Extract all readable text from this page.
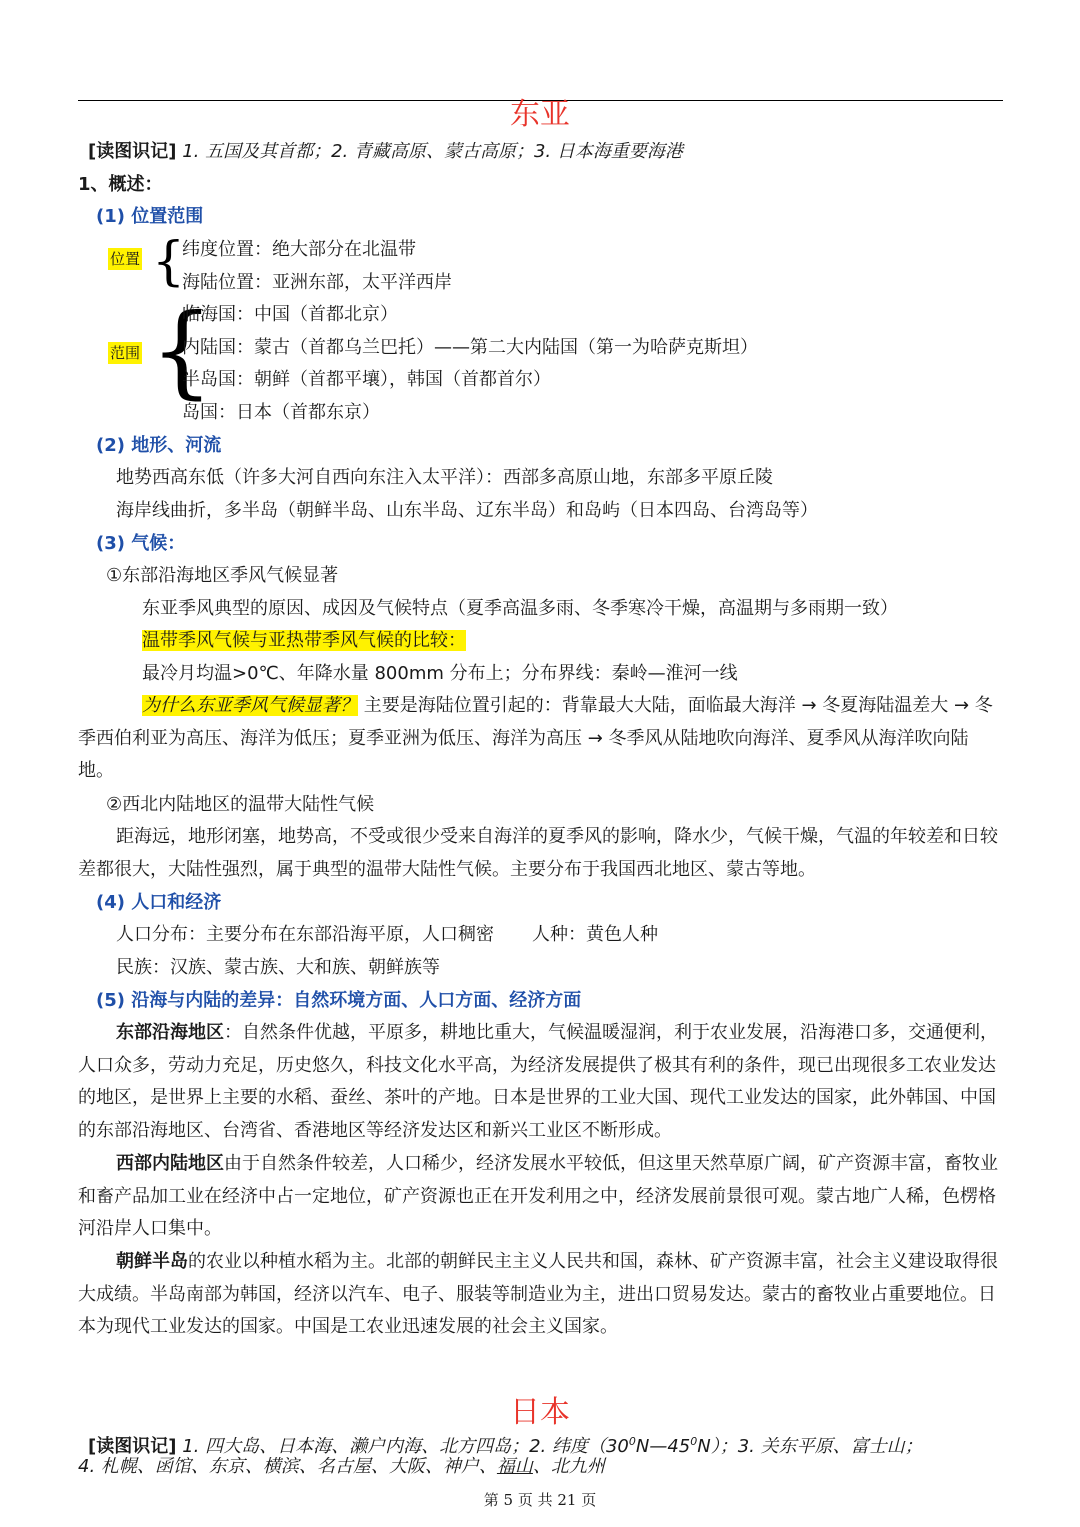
东亚
[读图识记] 1. 五国及其首都；2. 青藏高原、蒙古高原；3. 日本海重要海港
1、概述：
(1) 位置范围
位置 {
纬度位置：绝大部分在北温带
海陆位置：亚洲东部，太平洋西岸
范围 {
临海国：中国（首都北京）
内陆国：蒙古（首都乌兰巴托）——第二大内陆国（第一为哈萨克斯坦）
半岛国：朝鲜（首都平壤），韩国（首都首尔）
岛国：日本（首都东京）
(2) 地形、河流
地势西高东低（许多大河自西向东注入太平洋）：西部多高原山地，东部多平原丘陵
海岸线曲折，多半岛（朝鲜半岛、山东半岛、辽东半岛）和岛屿（日本四岛、台湾岛等）
(3) 气候：
①东部沿海地区季风气候显著
东亚季风典型的原因、成因及气候特点（夏季高温多雨、冬季寒冷干燥，高温期与多雨期一致）
温带季风气候与亚热带季风气候的比较：
最冷月均温>0℃、年降水量 800mm 分布上；分布界线：秦岭—淮河一线
为什么东亚季风气候显著？ 主要是海陆位置引起的：背靠最大大陆，面临最大海洋 → 冬夏海陆温差大 → 冬季西伯利亚为高压、海洋为低压；夏季亚洲为低压、海洋为高压 → 冬季风从陆地吹向海洋、夏季风从海洋吹向陆地。
②西北内陆地区的温带大陆性气候
距海远，地形闭塞，地势高，不受或很少受来自海洋的夏季风的影响，降水少，气候干燥，气温的年较差和日较差都很大，大陆性强烈，属于典型的温带大陆性气候。主要分布于我国西北地区、蒙古等地。
(4) 人口和经济
人口分布：主要分布在东部沿海平原，人口稠密 人种：黄色人种
民族：汉族、蒙古族、大和族、朝鲜族等
(5) 沿海与内陆的差异：自然环境方面、人口方面、经济方面
东部沿海地区：自然条件优越，平原多，耕地比重大，气候温暖湿润，利于农业发展，沿海港口多，交通便利，人口众多，劳动力充足，历史悠久，科技文化水平高，为经济发展提供了极其有利的条件，现已出现很多工农业发达的地区，是世界上主要的水稻、蚕丝、茶叶的产地。日本是世界的工业大国、现代工业发达的国家，此外韩国、中国的东部沿海地区、台湾省、香港地区等经济发达区和新兴工业区不断形成。
西部内陆地区由于自然条件较差，人口稀少，经济发展水平较低，但这里天然草原广阔，矿产资源丰富，畜牧业和畜产品加工业在经济中占一定地位，矿产资源也正在开发利用之中，经济发展前景很可观。蒙古地广人稀，色楞格河沿岸人口集中。
朝鲜半岛的农业以种植水稻为主。北部的朝鲜民主主义人民共和国，森林、矿产资源丰富，社会主义建设取得很大成绩。半岛南部为韩国，经济以汽车、电子、服装等制造业为主，进出口贸易发达。蒙古的畜牧业占重要地位。日本为现代工业发达的国家。中国是工农业迅速发展的社会主义国家。
日本
[读图识记] 1. 四大岛、日本海、濑户内海、北方四岛；2. 纬度$(30^0N—45^0N)$；3. 关东平原、富士山；
4. 札幌、函馆、东京、横滨、名古屋、大阪、神户、福山、北九州
第 5 页 共 21 页
